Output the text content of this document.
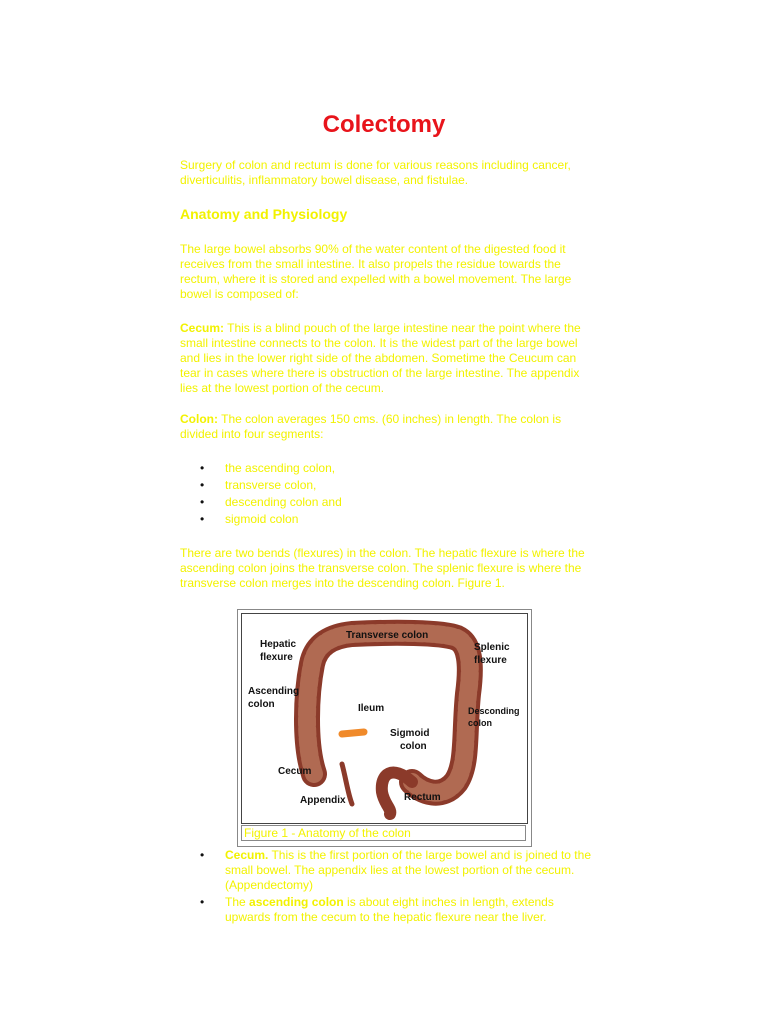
Colectomy

Surgery of colon and rectum is done for various reasons including cancer, diverticulitis, inflammatory bowel disease, and fistulae.

Anatomy and Physiology

The large bowel absorbs 90% of the water content of the digested food it receives from the small intestine. It also propels the residue towards the rectum, where it is stored and expelled with a bowel movement. The large bowel is composed of:

Cecum: This is a blind pouch of the large intestine near the point where the small intestine connects to the colon. It is the widest part of the large bowel and lies in the lower right side of the abdomen. Sometime the Ceucum can tear in cases where there is obstruction of the large intestine. The appendix lies at the lowest portion of the cecum.

Colon: The colon averages 150 cms. (60 inches) in length. The colon is divided into four segments:

• the ascending colon,
• transverse colon,
• descending colon and
• sigmoid colon

There are two bends (flexures) in the colon. The hepatic flexure is where the ascending colon joins the transverse colon. The splenic flexure is where the transverse colon merges into the descending colon. Figure 1.

Transverse colon
Hepatic
flexure
Splenic
flexure
Ascending
colon	Ileum	Desconding
colon
Sigmoid
colon
Cecum
Appendix	Rectum
Figure 1 - Anatomy of the colon
• Cecum. This is the first portion of the large bowel and is joined to the small bowel. The appendix lies at the lowest portion of the cecum. (Appendectomy)
• The ascending colon is about eight inches in length, extends upwards from the cecum to the hepatic flexure near the liver.
